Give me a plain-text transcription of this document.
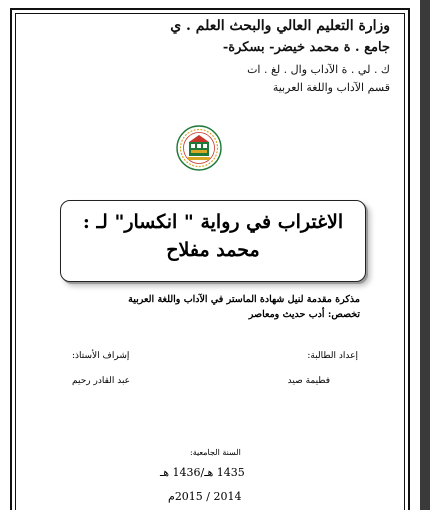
وزارة التعليم العالي والبحث العلم . ي
جامع . ة محمد خيضر- بسكرة-
ك . لي . ة الآداب وال . لغ . ات
قسم الآداب واللغة العربية
الاغتراب في رواية " انكسار" لـ :
محمد مفلاح
مذكرة مقدمة لنيل شهادة الماستر في الآداب واللغة العربية
تخصص: أدب حديث ومعاصر
إعداد الطالبة:
فطيمة صيد
إشراف الأستاذ:
عبد القادر رحيم
السنة الجامعية:
1435 هـ/1436 هـ
2014 / 2015م
